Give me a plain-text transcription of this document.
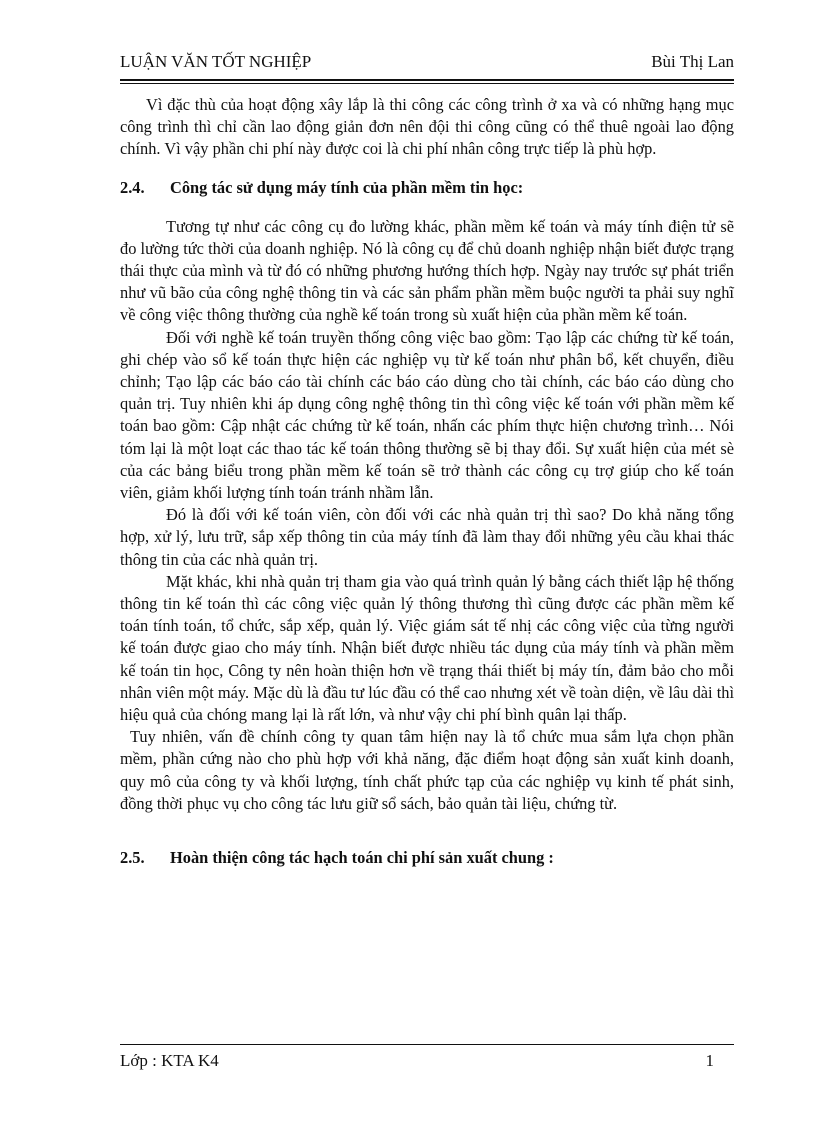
LUẬN VĂN TỐT NGHIỆP	Bùi Thị Lan

Vì đặc thù của hoạt động xây lắp là thi công các công trình ở xa và có những hạng mục công trình thì chỉ cần lao động giản đơn nên đội thi công cũng có thể thuê ngoài lao động chính. Vì vậy phần chi phí này được coi là chi phí nhân công trực tiếp là phù hợp.

2.4.	Công tác sử dụng máy tính của phần mềm tin học:

Tương tự như các công cụ đo lường khác, phần mềm kế toán và máy tính điện tử sẽ đo lường tức thời của doanh nghiệp. Nó là công cụ để chủ doanh nghiệp nhận biết được trạng thái thực của mình và từ đó có những phương hướng thích hợp. Ngày nay trước sự phát triển như vũ bão của công nghệ thông tin và các sản phẩm phần mềm buộc người ta phải suy nghĩ về công việc thông thường của nghề kế toán trong sù xuất hiện của phần mềm kế toán.

Đối với nghề kế toán truyền thống công việc bao gồm: Tạo lập các chứng từ kế toán, ghi chép vào sổ kế toán thực hiện các nghiệp vụ từ kế toán như phân bổ, kết chuyển, điều chỉnh; Tạo lập các báo cáo tài chính các báo cáo dùng cho tài chính, các báo cáo dùng cho quản trị. Tuy nhiên khi áp dụng công nghệ thông tin thì công việc kế toán với phần mềm kế toán bao gồm: Cập nhật các chứng từ kế toán, nhấn các phím thực hiện chương trình… Nói tóm lại là một loạt các thao tác kế toán thông thường sẽ bị thay đổi. Sự xuất hiện của mét sè của các bảng biểu trong phần mềm kế toán sẽ trở thành các công cụ trợ giúp cho kế toán viên, giảm khối lượng tính toán tránh nhầm lẫn.

Đó là đối với kế toán viên, còn đối với các nhà quản trị thì sao? Do khả năng tổng hợp, xử lý, lưu trữ, sắp xếp thông tin của máy tính đã làm thay đổi những yêu cầu khai thác thông tin của các nhà quản trị.

Mặt khác, khi nhà quản trị tham gia vào quá trình quản lý bằng cách thiết lập hệ thống thông tin kế toán thì các công việc quản lý thông thương thì cũng được các phần mềm kế toán tính toán, tổ chức, sắp xếp, quản lý. Việc giám sát tế nhị các công việc của từng người kế toán được giao cho máy tính. Nhận biết được nhiều tác dụng của máy tính và phần mềm kế toán tin học, Công ty nên hoàn thiện hơn về trạng thái thiết bị máy tín, đảm bảo cho mỗi nhân viên một máy. Mặc dù là đầu tư lúc đầu có thể cao nhưng xét về toàn diện, về lâu dài thì hiệu quả của chóng mang lại là rất lớn, và như vậy chi phí bình quân lại thấp.

Tuy nhiên, vấn đề chính công ty quan tâm hiện nay là tổ chức mua sắm lựa chọn phần mềm, phần cứng nào cho phù hợp với khả năng, đặc điểm hoạt động sản xuất kinh doanh, quy mô của công ty và khối lượng, tính chất phức tạp của các nghiệp vụ kinh tế phát sinh, đồng thời phục vụ cho công tác lưu giữ sổ sách, bảo quản tài liệu, chứng từ.

2.5.	Hoàn thiện công tác hạch toán chi phí sản xuất chung :
Lớp : KTA K4	1
